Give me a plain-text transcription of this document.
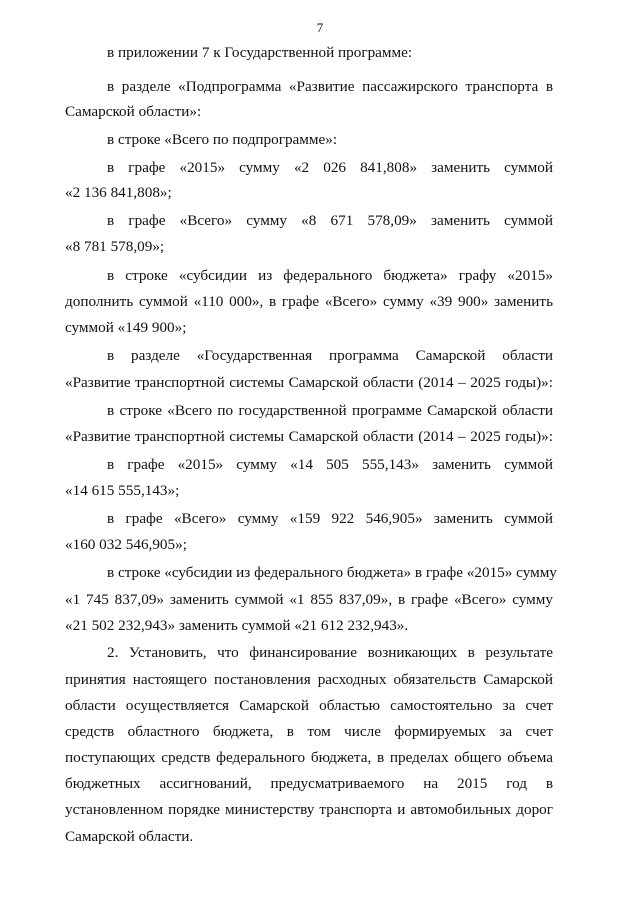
7
в приложении 7 к Государственной программе:
в разделе «Подпрограмма «Развитие пассажирского транспорта в
Самарской области»:
в строке «Всего по подпрограмме»:
в графе «2015» сумму «2 026 841,808» заменить суммой
«2 136 841,808»;
в графе «Всего» сумму «8 671 578,09» заменить суммой
«8 781 578,09»;
в строке «субсидии из федерального бюджета» графу «2015»
дополнить суммой «110 000», в графе «Всего» сумму «39 900» заменить
суммой «149 900»;
в разделе «Государственная программа Самарской области
«Развитие транспортной системы Самарской области (2014 – 2025 годы)»:
в строке «Всего по государственной программе Самарской области
«Развитие транспортной системы Самарской области (2014 – 2025 годы)»:
в графе «2015» сумму «14 505 555,143» заменить суммой
«14 615 555,143»;
в графе «Всего» сумму «159 922 546,905» заменить суммой
«160 032 546,905»;
в строке «субсидии из федерального бюджета» в графе «2015» сумму
«1 745 837,09» заменить суммой «1 855 837,09», в графе «Всего» сумму
«21 502 232,943» заменить суммой «21 612 232,943».
2. Установить, что финансирование возникающих в результате
принятия настоящего постановления расходных обязательств Самарской
области осуществляется Самарской областью самостоятельно за счет
средств областного бюджета, в том числе формируемых за счет
поступающих средств федерального бюджета, в пределах общего объема
бюджетных ассигнований, предусматриваемого на 2015 год в
установленном порядке министерству транспорта и автомобильных дорог
Самарской области.
